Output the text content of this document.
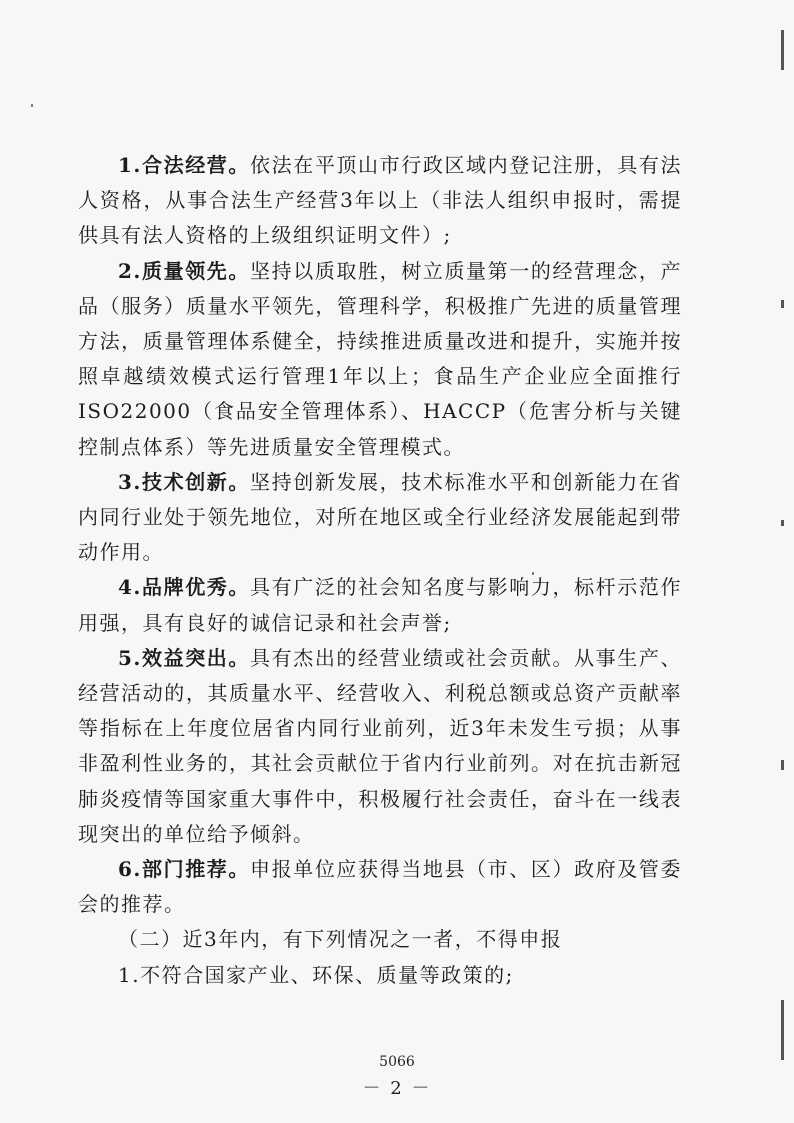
1.合法经营。依法在平顶山市行政区域内登记注册，具有法人资格，从事合法生产经营3年以上（非法人组织申报时，需提供具有法人资格的上级组织证明文件）;

2.质量领先。坚持以质取胜，树立质量第一的经营理念，产品（服务）质量水平领先，管理科学，积极推广先进的质量管理方法，质量管理体系健全，持续推进质量改进和提升，实施并按照卓越绩效模式运行管理1年以上；食品生产企业应全面推行ISO22000（食品安全管理体系）、HACCP（危害分析与关键控制点体系）等先进质量安全管理模式。

3.技术创新。坚持创新发展，技术标准水平和创新能力在省内同行业处于领先地位，对所在地区或全行业经济发展能起到带动作用。

4.品牌优秀。具有广泛的社会知名度与影响力，标杆示范作用强，具有良好的诚信记录和社会声誉;

5.效益突出。具有杰出的经营业绩或社会贡献。从事生产、经营活动的，其质量水平、经营收入、利税总额或总资产贡献率等指标在上年度位居省内同行业前列，近3年未发生亏损；从事非盈利性业务的，其社会贡献位于省内行业前列。对在抗击新冠肺炎疫情等国家重大事件中，积极履行社会责任，奋斗在一线表现突出的单位给予倾斜。

6.部门推荐。申报单位应获得当地县（市、区）政府及管委会的推荐。

（二）近3年内，有下列情况之一者，不得申报

1.不符合国家产业、环保、质量等政策的;

5066
－ 2 －
